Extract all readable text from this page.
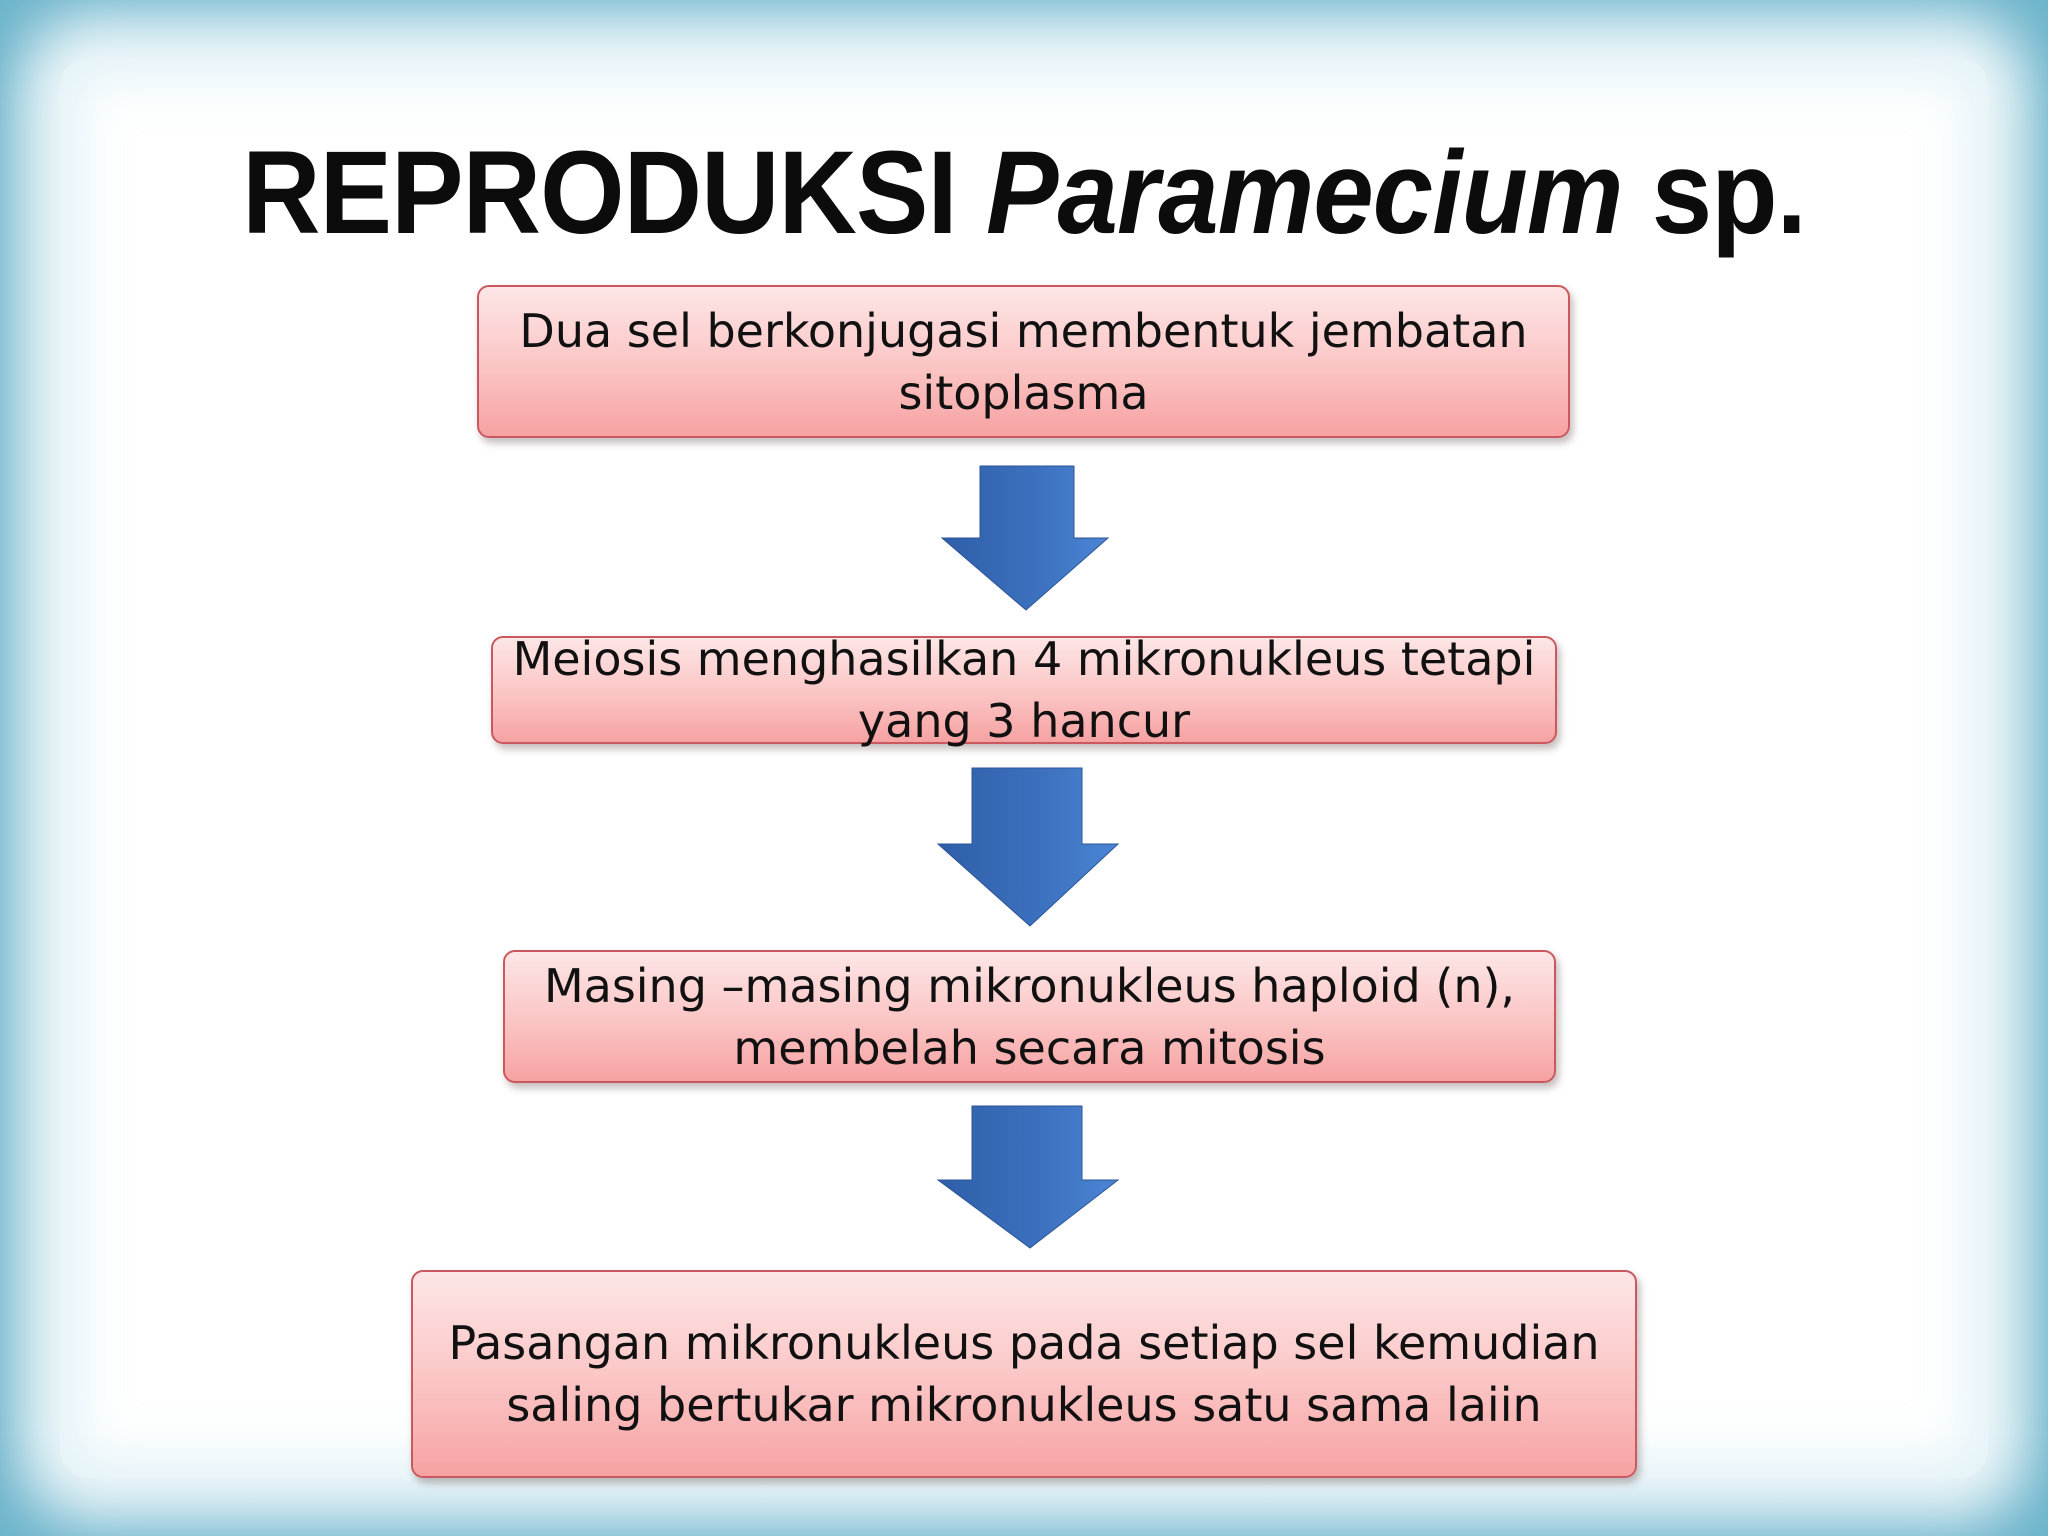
REPRODUKSI Paramecium sp.
Dua sel berkonjugasi membentuk jembatan
sitoplasma
Meiosis menghasilkan 4 mikronukleus tetapi
yang 3 hancur
Masing –masing mikronukleus haploid (n),
membelah secara mitosis
Pasangan mikronukleus pada setiap sel kemudian
saling bertukar mikronukleus satu sama laiin
